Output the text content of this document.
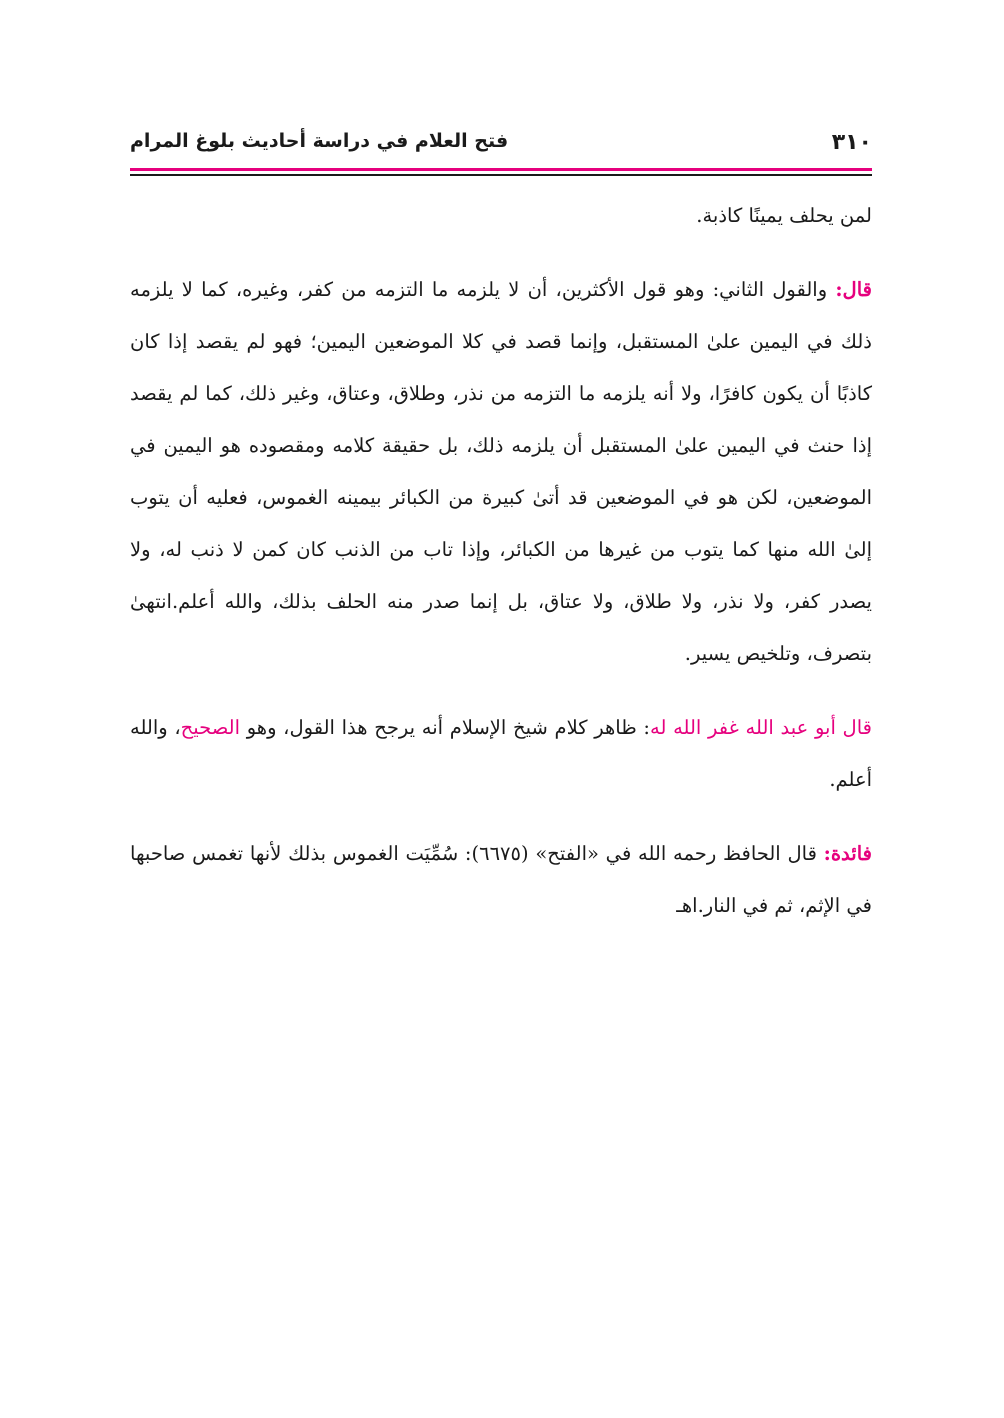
٣١٠
فتح العلام في دراسة أحاديث بلوغ المرام

لمن يحلف يمينًا كاذبة.

قال: والقول الثاني: وهو قول الأكثرين، أن لا يلزمه ما التزمه من كفر، وغيره، كما لا يلزمه ذلك في اليمين علىٰ المستقبل، وإنما قصد في كلا الموضعين اليمين؛ فهو لم يقصد إذا كان كاذبًا أن يكون كافرًا، ولا أنه يلزمه ما التزمه من نذر، وطلاق، وعتاق، وغير ذلك، كما لم يقصد إذا حنث في اليمين علىٰ المستقبل أن يلزمه ذلك، بل حقيقة كلامه ومقصوده هو اليمين في الموضعين، لكن هو في الموضعين قد أتىٰ كبيرة من الكبائر بيمينه الغموس، فعليه أن يتوب إلىٰ الله منها كما يتوب من غيرها من الكبائر، وإذا تاب من الذنب كان كمن لا ذنب له، ولا يصدر كفر، ولا نذر، ولا طلاق، ولا عتاق، بل إنما صدر منه الحلف بذلك، والله أعلم.انتهىٰ بتصرف، وتلخيص يسير.

قال أبو عبد الله غفر الله له: ظاهر كلام شيخ الإسلام أنه يرجح هذا القول، وهو الصحيح، والله أعلم.

فائدة: قال الحافظ رحمه الله في «الفتح» (٦٦٧٥): سُمِّيَت الغموس بذلك لأنها تغمس صاحبها في الإثم، ثم في النار.اهـ
